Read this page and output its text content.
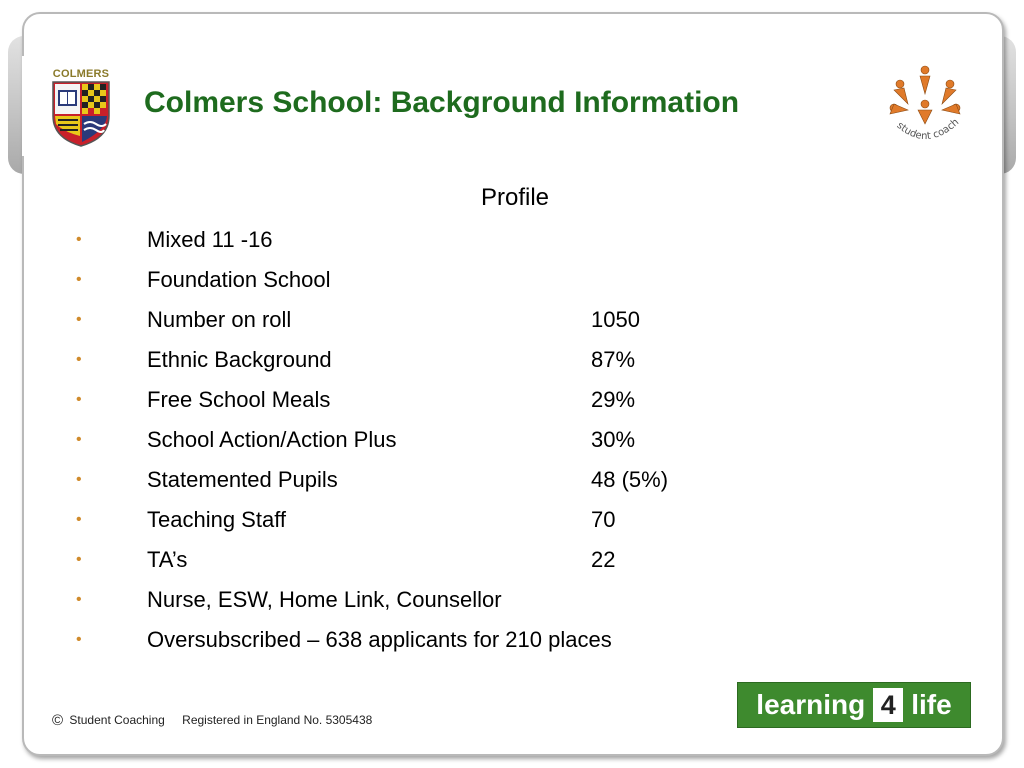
COLMERS
Colmers School: Background Information
student coach
Profile
•	Mixed 11 -16
•	Foundation School
•	Number on roll	1050
•	Ethnic Background	87%
•	Free School Meals	29%
•	School Action/Action Plus	30%
•	Statemented Pupils	48 (5%)
•	Teaching Staff	70
•	TA’s	22
•	Nurse, ESW, Home Link, Counsellor
•	Oversubscribed – 638 applicants for 210 places
© Student Coaching Registered in England No. 5305438	learning 4 life
